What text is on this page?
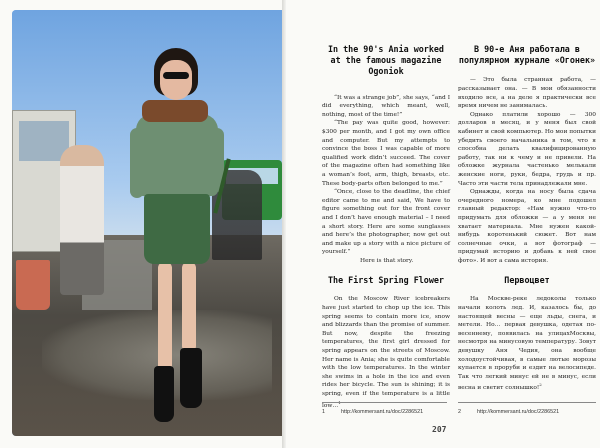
In the 90's Ania worked at the famous magazine Ogoniok

“It was a strange job”, she says, “and I did everything, which meant, well, nothing, most of the time!”

“The pay was quite good, however: $300 per month, and I got my own office and computer. But my attempts to convince the boss I was capable of more qualified work didn’t succeed. The cover of the magazine often had something like a woman’s foot, arm, thigh, breasts, etc. These body-parts often belonged to me.”

“Once, close to the deadline, the chief editor came to me and said, We have to figure something out for the front cover and I don’t have enough material – I need a short story. Here are some sunglasses and here’s the photographer, now get out and make up a story with a nice picture of yourself.”

Here is that story.

The First Spring Flower

On the Moscow River icebreakers have just started to chop up the ice. This spring seems to contain more ice, snow and blizzards than the promise of summer. But now, despite the freezing temperatures, the first girl dressed for spring appears on the streets of Moscow. Her name is Ania; she is quite comfortable with the low temperatures. In the winter she swims in a hole in the ice and even rides her bicycle. The sun is shining; it is spring, even if the temperature is a little low…$^1$

В 90-е Аня работала в популярном журнале «Огонек»

— Это была странная работа, — рассказывает она. — В мои обязанности входило все, а на деле я практически все время ничем не занималась.

Однако платили хорошо — 300 долларов в месяц, и у меня был свой кабинет и свой компьютер. Но мои попытки убедить своего начальника в том, что я способна делать квалифицированную работу, так ни к чему и не привели. На обложке журнала частенько мелькали женские ноги, руки, бедра, грудь и пр. Часто эти части тела принадлежали мне.

Однажды, когда на носу была сдача очередного номера, ко мне подошел главный редактор: «Нам нужно что-то придумать для обложки — а у меня не хватает материала. Мне нужен какой-нибудь коротенький сюжет. Вот нам солнечные очки, а вот фотограф — придумай историю и добавь к ней свое фото». И вот а сама история.

Первоцвет

На Москве-реке ледоколы только начали колоть лед. И, казалось бы, до настоящей весны — еще льды, снега, и метели. Но… первая девушка, одетая по-весеннему, появилась на улицахМосквы, несмотря на минусовую температуру. Зовут девушку Аня Чедия, она вообще холодоустойчивая, в самые лютые морозы купается в проруби и ездит на велосипеде. Так что легкий минус ей не в минус, если весна и светит солнышко!$^2$

1	http://kommersant.ru/doc/2286521	2	http://kommersant.ru/doc/2286521
207
